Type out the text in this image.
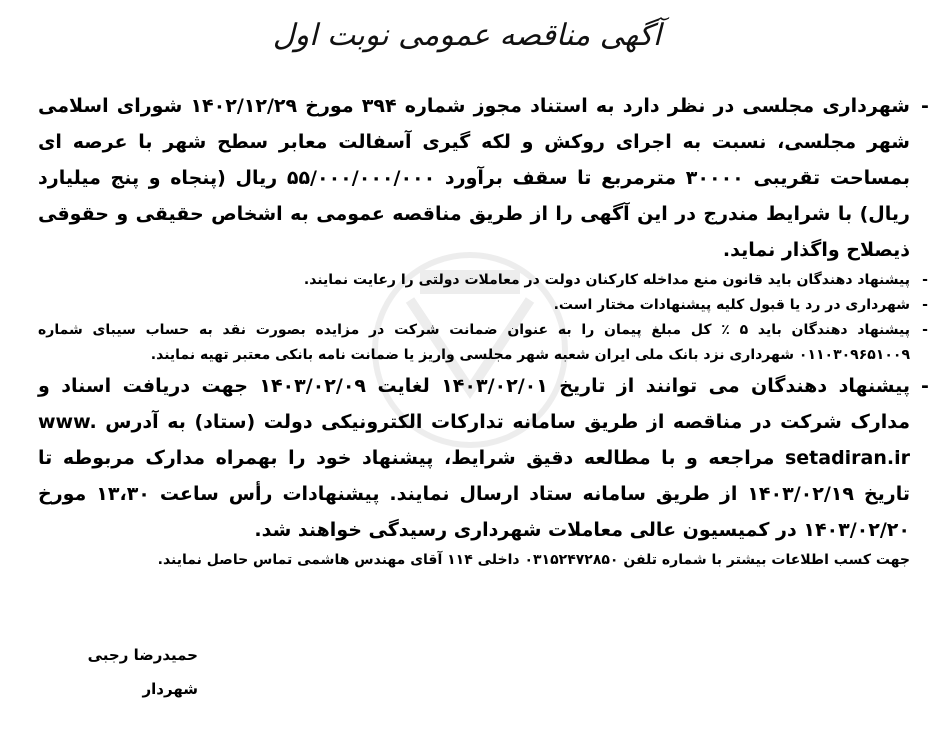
آگهی مناقصه عمومی نوبت اول
-
شهرداری مجلسی در نظر دارد به استناد مجوز شماره ۳۹۴ مورخ ۱۴۰۲/۱۲/۲۹ شورای اسلامی شهر مجلسی، نسبت به اجرای روکش و لکه گیری آسفالت معابر سطح شهر با عرصه ای بمساحت تقریبی ۳۰۰۰۰ مترمربع تا سقف برآورد ۵۵/۰۰۰/۰۰۰/۰۰۰ ریال (پنجاه و پنج میلیارد ریال) با شرایط مندرج در این آگهی را از طریق مناقصه عمومی به اشخاص حقیقی و حقوقی ذیصلاح واگذار نماید.
-
پیشنهاد دهندگان باید قانون منع مداخله کارکنان دولت در معاملات دولتی را رعایت نمایند.
-
شهرداری در رد یا قبول کلیه پیشنهادات مختار است.
-
پیشنهاد دهندگان باید ۵ ٪ کل مبلغ پیمان را به عنوان ضمانت شرکت در مزایده بصورت نقد به حساب سیبای شماره ۰۱۱۰۳۰۹۶۵۱۰۰۹ شهرداری نزد بانک ملی ایران شعبه شهر مجلسی واریز یا ضمانت نامه بانکی معتبر تهیه نمایند.
-
پیشنهاد دهندگان می توانند از تاریخ ۱۴۰۳/۰۲/۰۱ لغایت ۱۴۰۳/۰۲/۰۹ جهت دریافت اسناد و مدارک شرکت در مناقصه از طریق سامانه تدارکات الکترونیکی دولت (ستاد) به آدرس www. setadiran.ir مراجعه و با مطالعه دقیق شرایط، پیشنهاد خود را بهمراه مدارک مربوطه تا تاریخ ۱۴۰۳/۰۲/۱۹ از طریق سامانه ستاد ارسال نمایند. پیشنهادات رأس ساعت ۱۳،۳۰ مورخ ۱۴۰۳/۰۲/۲۰ در کمیسیون عالی معاملات شهرداری رسیدگی خواهند شد.
جهت کسب اطلاعات بیشتر با شماره تلفن ۰۳۱۵۲۴۷۲۸۵۰ داخلی ۱۱۴ آقای مهندس هاشمی تماس حاصل نمایند.
حمیدرضا رجبی
شهردار
